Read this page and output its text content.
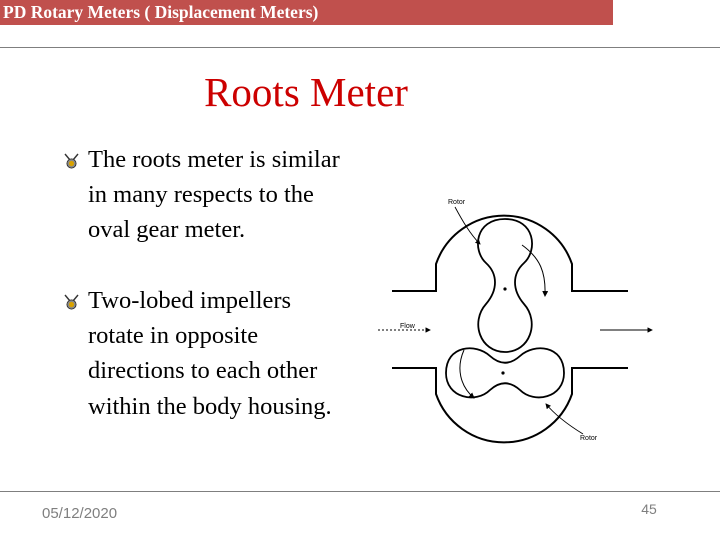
PD Rotary Meters ( Displacement Meters)
Roots Meter
The roots meter is similar in many respects to the oval gear meter.
Two-lobed impellers rotate in opposite directions to each other within the body housing.
Rotor
Flow
Rotor
05/12/2020	45
